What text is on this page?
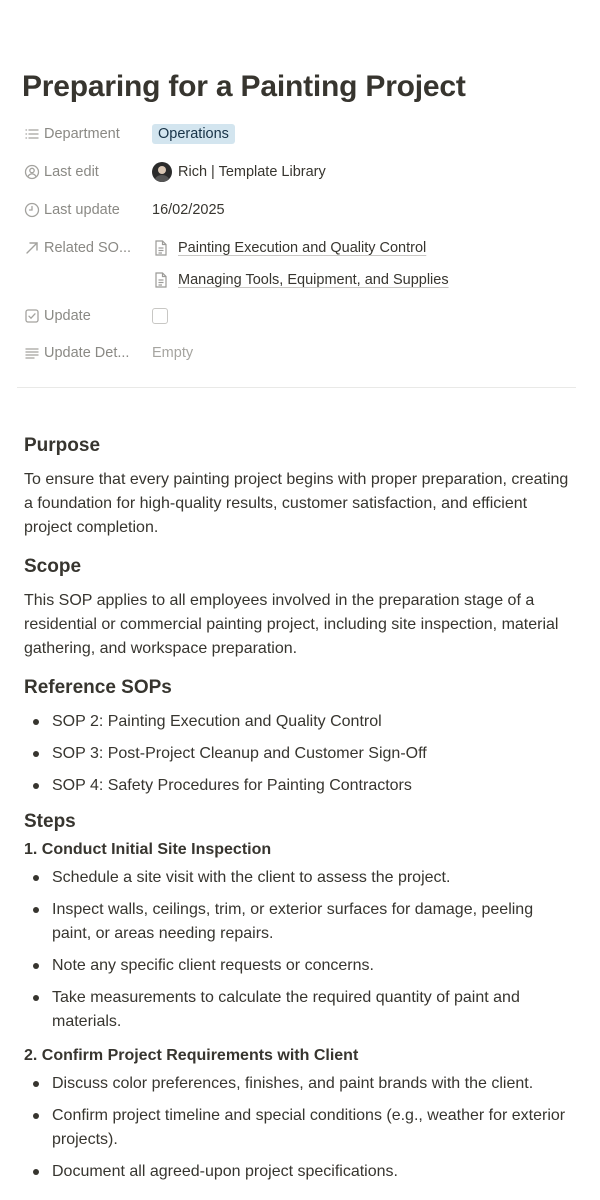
Preparing for a Painting Project
Department	Operations
Last edit	Rich | Template Library
Last update 16/02/2025
Related SO...	Painting Execution and Quality Control
Managing Tools, Equipment, and Supplies
Update
Update Det... Empty
Purpose

To ensure that every painting project begins with proper preparation, creating a foundation for high-quality results, customer satisfaction, and efficient project completion.

Scope

This SOP applies to all employees involved in the preparation stage of a residential or commercial painting project, including site inspection, material gathering, and workspace preparation.

Reference SOPs
SOP 2: Painting Execution and Quality Control
SOP 3: Post-Project Cleanup and Customer Sign-Off
SOP 4: Safety Procedures for Painting Contractors
Steps
1. Conduct Initial Site Inspection
Schedule a site visit with the client to assess the project.
Inspect walls, ceilings, trim, or exterior surfaces for damage, peeling paint, or areas needing repairs.
Note any specific client requests or concerns.
Take measurements to calculate the required quantity of paint and materials.
2. Confirm Project Requirements with Client
Discuss color preferences, finishes, and paint brands with the client.
Confirm project timeline and special conditions (e.g., weather for exterior projects).
Document all agreed-upon project specifications.
